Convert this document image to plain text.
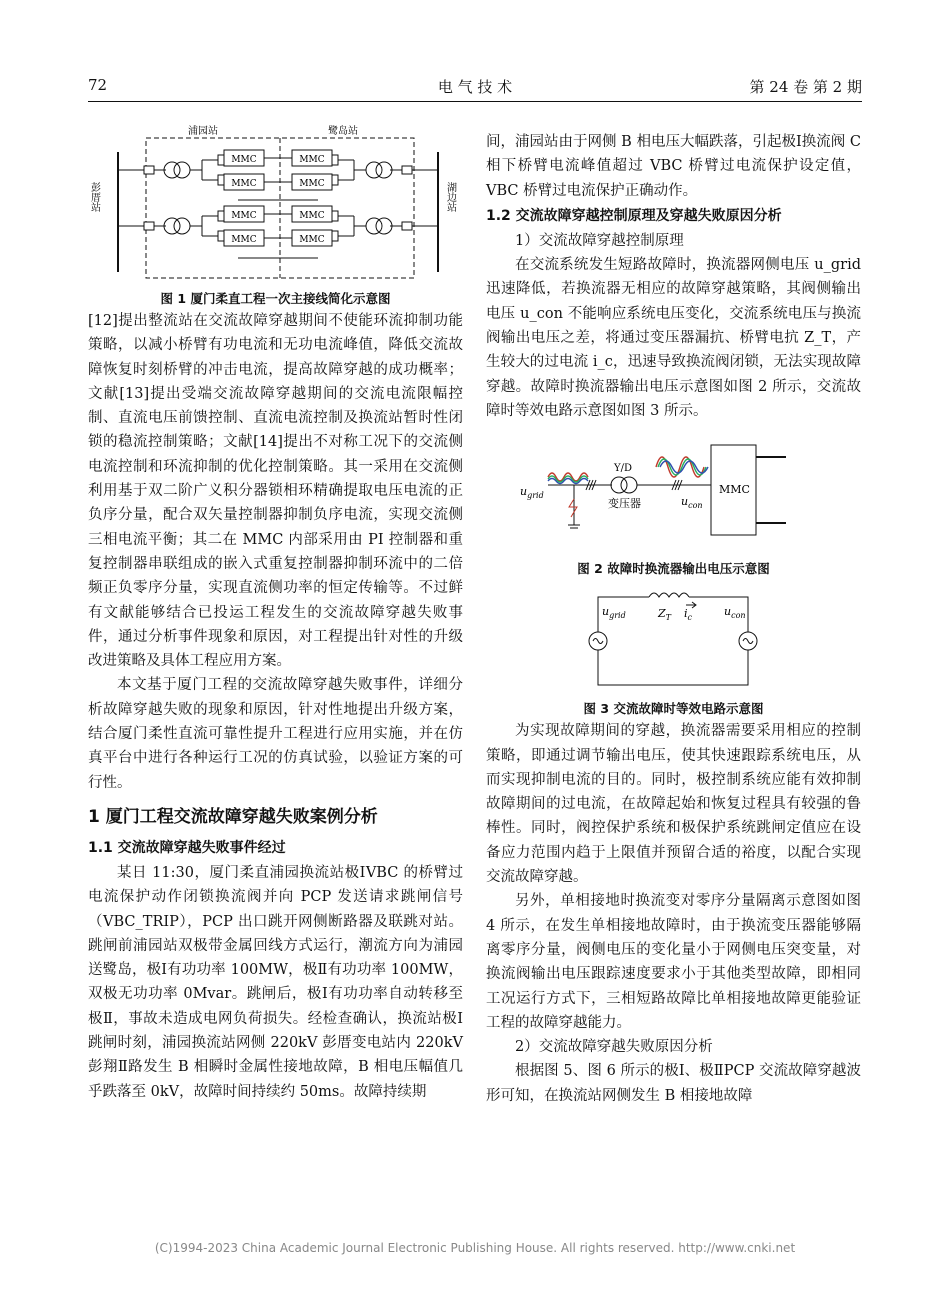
72	电 气 技 术	第 24 卷 第 2 期
MMC
MMC
MMC
MMC
MMC
MMC
MMC
MMC
浦园站	鹭岛站
彭厝站	湖边站
图 1 厦门柔直工程一次主接线简化示意图

[12]提出整流站在交流故障穿越期间不使能环流抑制功能策略，以减小桥臂有功电流和无功电流峰值，降低交流故障恢复时刻桥臂的冲击电流，提高故障穿越的成功概率；文献[13]提出受端交流故障穿越期间的交流电流限幅控制、直流电压前馈控制、直流电流控制及换流站暂时性闭锁的稳流控制策略；文献[14]提出不对称工况下的交流侧电流控制和环流抑制的优化控制策略。其一采用在交流侧利用基于双二阶广义积分器锁相环精确提取电压电流的正负序分量，配合双矢量控制器抑制负序电流，实现交流侧三相电流平衡；其二在 MMC 内部采用由 PI 控制器和重复控制器串联组成的嵌入式重复控制器抑制环流中的二倍频正负零序分量，实现直流侧功率的恒定传输等。不过鲜有文献能够结合已投运工程发生的交流故障穿越失败事件，通过分析事件现象和原因，对工程提出针对性的升级改进策略及具体工程应用方案。

本文基于厦门工程的交流故障穿越失败事件，详细分析故障穿越失败的现象和原因，针对性地提出升级方案，结合厦门柔性直流可靠性提升工程进行应用实施，并在仿真平台中进行各种运行工况的仿真试验，以验证方案的可行性。

1 厦门工程交流故障穿越失败案例分析
1.1 交流故障穿越失败事件经过

某日 11:30，厦门柔直浦园换流站极ⅠVBC 的桥臂过电流保护动作闭锁换流阀并向 PCP 发送请求跳闸信号（VBC_TRIP），PCP 出口跳开网侧断路器及联跳对站。跳闸前浦园站双极带金属回线方式运行，潮流方向为浦园送鹭岛，极Ⅰ有功功率 100MW，极Ⅱ有功功率 100MW，双极无功功率 0Mvar。跳闸后，极Ⅰ有功功率自动转移至极Ⅱ，事故未造成电网负荷损失。经检查确认，换流站极Ⅰ跳闸时刻，浦园换流站网侧 220kV 彭厝变电站内 220kV 彭翔Ⅱ路发生 B 相瞬时金属性接地故障，B 相电压幅值几乎跌落至 0kV，故障时间持续约 50ms。故障持续期

间，浦园站由于网侧 B 相电压大幅跌落，引起极Ⅰ换流阀 C 相下桥臂电流峰值超过 VBC 桥臂过电流保护设定值，VBC 桥臂过电流保护正确动作。

1.2 交流故障穿越控制原理及穿越失败原因分析

1）交流故障穿越控制原理

在交流系统发生短路故障时，换流器网侧电压 u_grid 迅速降低，若换流器无相应的故障穿越策略，其阀侧输出电压 u_con 不能响应系统电压变化，交流系统电压与换流阀输出电压之差，将通过变压器漏抗、桥臂电抗 Z_T，产生较大的过电流 i_c，迅速导致换流阀闭锁，无法实现故障穿越。故障时换流器输出电压示意图如图 2 所示，交流故障时等效电路示意图如图 3 所示。

Y/D
变压器
MMC
$u_{grid}$	$u_{con}$
图 2 故障时换流器输出电压示意图
$Z_T$ $i_c$
$u_{grid}$	$u_{con}$
图 3 交流故障时等效电路示意图

为实现故障期间的穿越，换流器需要采用相应的控制策略，即通过调节输出电压，使其快速跟踪系统电压，从而实现抑制电流的目的。同时，极控制系统应能有效抑制故障期间的过电流，在故障起始和恢复过程具有较强的鲁棒性。同时，阀控保护系统和极保护系统跳闸定值应在设备应力范围内趋于上限值并预留合适的裕度，以配合实现交流故障穿越。

另外，单相接地时换流变对零序分量隔离示意图如图 4 所示，在发生单相接地故障时，由于换流变压器能够隔离零序分量，阀侧电压的变化量小于网侧电压突变量，对换流阀输出电压跟踪速度要求小于其他类型故障，即相同工况运行方式下，三相短路故障比单相接地故障更能验证工程的故障穿越能力。

2）交流故障穿越失败原因分析

根据图 5、图 6 所示的极Ⅰ、极ⅡPCP 交流故障穿越波形可知，在换流站网侧发生 B 相接地故障

(C)1994-2023 China Academic Journal Electronic Publishing House. All rights reserved. http://www.cnki.net
